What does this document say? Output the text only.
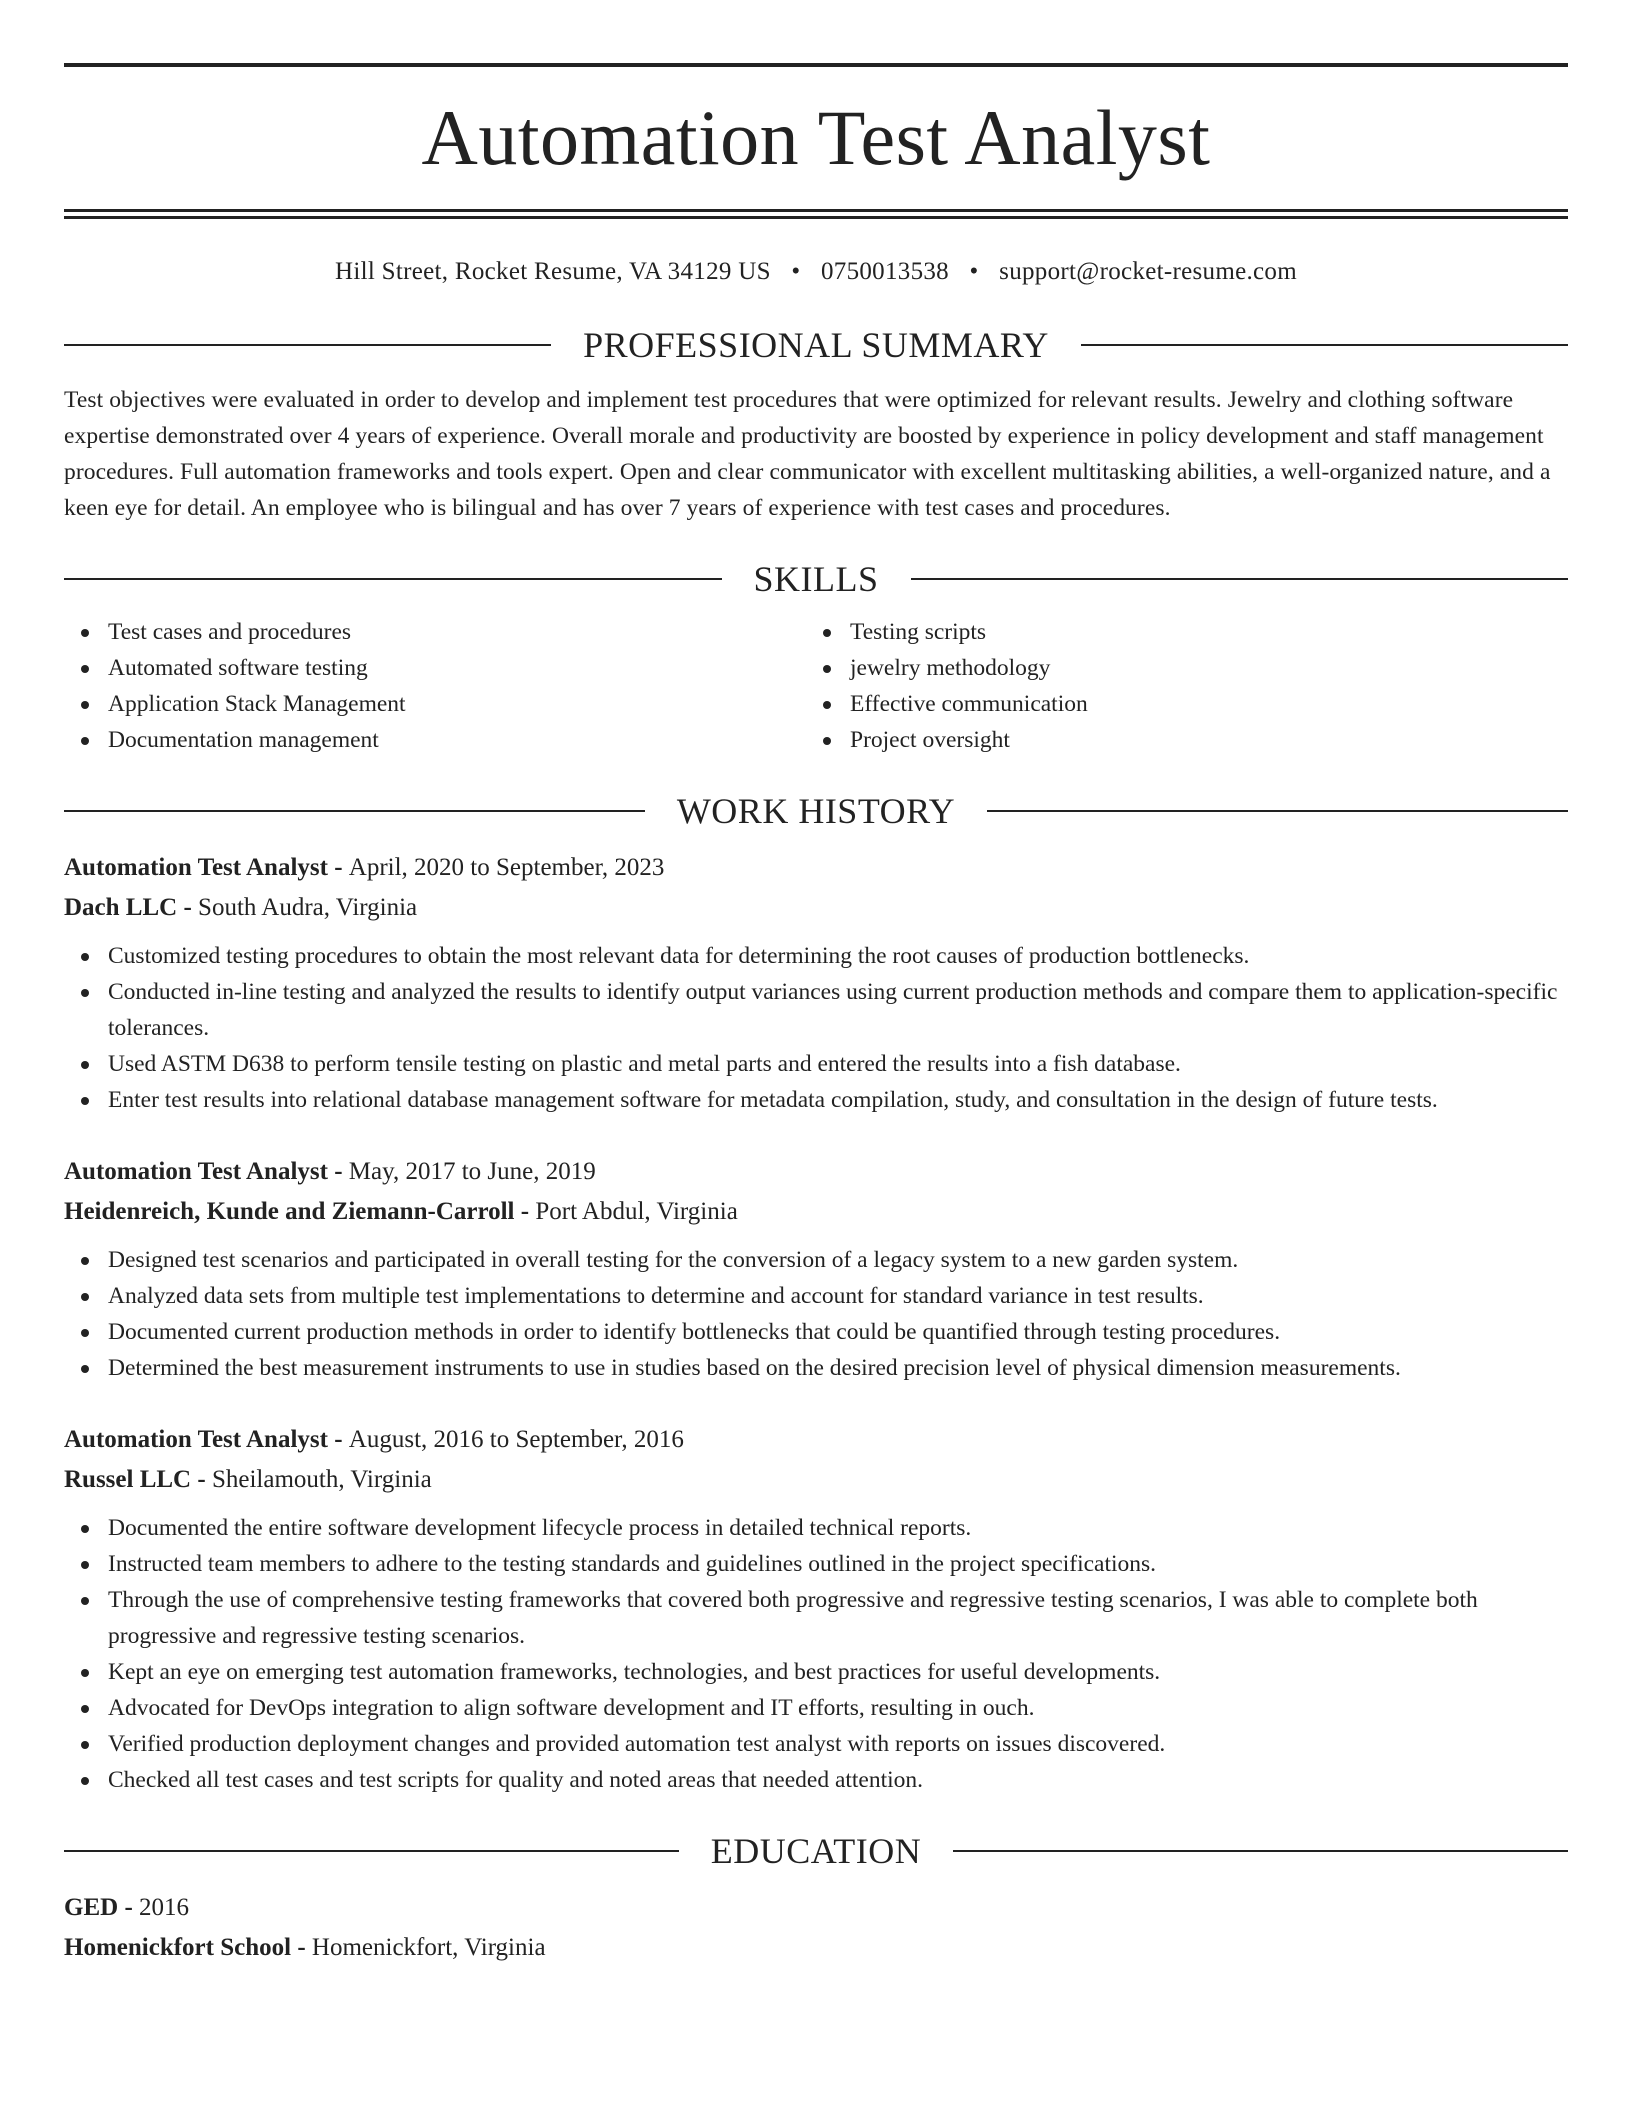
Automation Test Analyst
Hill Street, Rocket Resume, VA 34129 US • 0750013538 • support@rocket-resume.com
PROFESSIONAL SUMMARY
Test objectives were evaluated in order to develop and implement test procedures that were optimized for relevant results. Jewelry and clothing software expertise demonstrated over 4 years of experience. Overall morale and productivity are boosted by experience in policy development and staff management procedures. Full automation frameworks and tools expert. Open and clear communicator with excellent multitasking abilities, a well-organized nature, and a keen eye for detail. An employee who is bilingual and has over 7 years of experience with test cases and procedures.
SKILLS
Test cases and procedures
Automated software testing
Application Stack Management
Documentation management
Testing scripts
jewelry methodology
Effective communication
Project oversight
WORK HISTORY
Automation Test Analyst - April, 2020 to September, 2023
Dach LLC - South Audra, Virginia
Customized testing procedures to obtain the most relevant data for determining the root causes of production bottlenecks.
Conducted in-line testing and analyzed the results to identify output variances using current production methods and compare them to application-specific tolerances.
Used ASTM D638 to perform tensile testing on plastic and metal parts and entered the results into a fish database.
Enter test results into relational database management software for metadata compilation, study, and consultation in the design of future tests.
Automation Test Analyst - May, 2017 to June, 2019
Heidenreich, Kunde and Ziemann-Carroll - Port Abdul, Virginia
Designed test scenarios and participated in overall testing for the conversion of a legacy system to a new garden system.
Analyzed data sets from multiple test implementations to determine and account for standard variance in test results.
Documented current production methods in order to identify bottlenecks that could be quantified through testing procedures.
Determined the best measurement instruments to use in studies based on the desired precision level of physical dimension measurements.
Automation Test Analyst - August, 2016 to September, 2016
Russel LLC - Sheilamouth, Virginia
Documented the entire software development lifecycle process in detailed technical reports.
Instructed team members to adhere to the testing standards and guidelines outlined in the project specifications.
Through the use of comprehensive testing frameworks that covered both progressive and regressive testing scenarios, I was able to complete both progressive and regressive testing scenarios.
Kept an eye on emerging test automation frameworks, technologies, and best practices for useful developments.
Advocated for DevOps integration to align software development and IT efforts, resulting in ouch.
Verified production deployment changes and provided automation test analyst with reports on issues discovered.
Checked all test cases and test scripts for quality and noted areas that needed attention.
EDUCATION
GED - 2016
Homenickfort School - Homenickfort, Virginia
